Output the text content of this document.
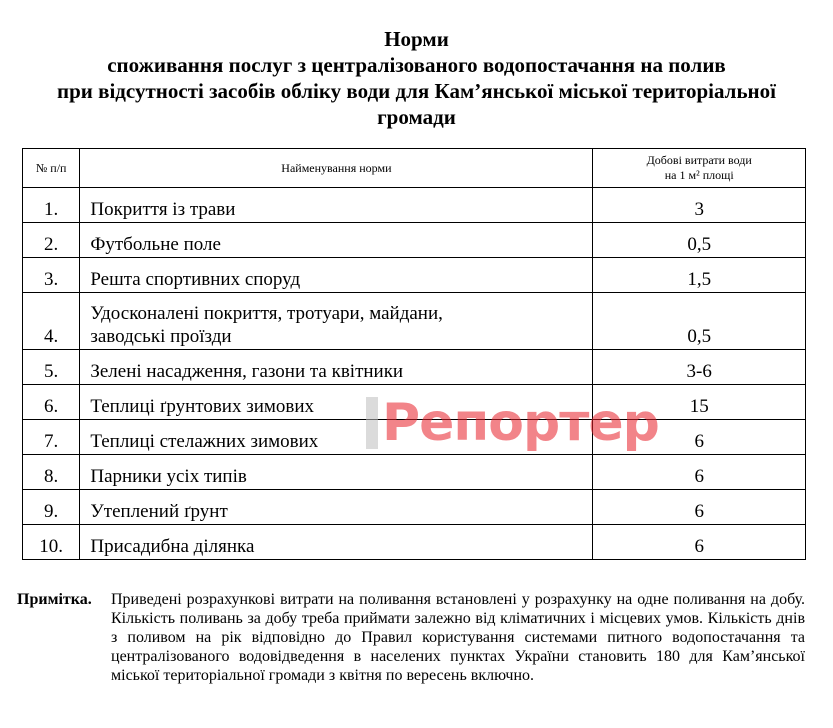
Норми
споживання послуг з централізованого водопостачання на полив
при відсутності засобів обліку води для Кам’янської міської територіальної
громади
№ п/п	Найменування норми	Добові витрати води
на 1 м² площі

1.	Покриття із трави	3
2.	Футбольне поле	0,5
3.	Решта спортивних споруд	1,5
4.	Удосконалені покриття, тротуари, майдани,
заводські проїзди	0,5
5.	Зелені насадження, газони та квітники	3-6
6.	Теплиці ґрунтових зимових	15
7.	Теплиці стелажних зимових	6
8.	Парники усіх типів	6
9.	Утеплений ґрунт	6
10.	Присадибна ділянка	6
Репортер
Примітка. Приведені розрахункові витрати на поливання встановлені у розрахунку на одне поливання на добу. Кількість поливань за добу треба приймати залежно від кліматичних і місцевих умов. Кількість днів з поливом на рік відповідно до Правил користування системами питного водопостачання та централізованого водовідведення в населених пунктах України становить 180 для Кам’янської міської територіальної громади з квітня по вересень включно.
